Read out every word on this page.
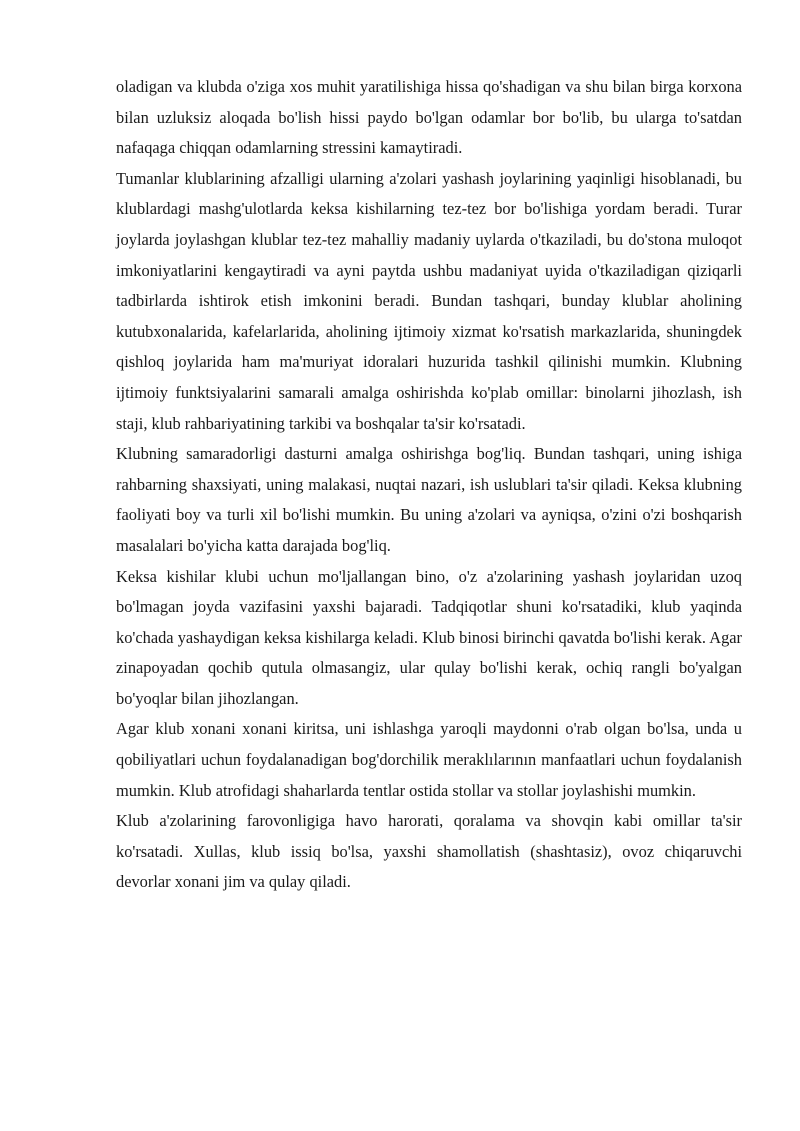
oladigan va klubda o'ziga xos muhit yaratilishiga hissa qo'shadigan va shu bilan birga korxona bilan uzluksiz aloqada bo'lish hissi paydo bo'lgan odamlar bor bo'lib, bu ularga to'satdan nafaqaga chiqqan odamlarning stressini kamaytiradi.

Tumanlar klublarining afzalligi ularning a'zolari yashash joylarining yaqinligi hisoblanadi, bu klublardagi mashg'ulotlarda keksa kishilarning tez-tez bor bo'lishiga yordam beradi. Turar joylarda joylashgan klublar tez-tez mahalliy madaniy uylarda o'tkaziladi, bu do'stona muloqot imkoniyatlarini kengaytiradi va ayni paytda ushbu madaniyat uyida o'tkaziladigan qiziqarli tadbirlarda ishtirok etish imkonini beradi. Bundan tashqari, bunday klublar aholining kutubxonalarida, kafelarlarida, aholining ijtimoiy xizmat ko'rsatish markazlarida, shuningdek qishloq joylarida ham ma'muriyat idoralari huzurida tashkil qilinishi mumkin. Klubning ijtimoiy funktsiyalarini samarali amalga oshirishda ko'plab omillar: binolarni jihozlash, ish staji, klub rahbariyatining tarkibi va boshqalar ta'sir ko'rsatadi.

Klubning samaradorligi dasturni amalga oshirishga bog'liq. Bundan tashqari, uning ishiga rahbarning shaxsiyati, uning malakasi, nuqtai nazari, ish uslublari ta'sir qiladi. Keksa klubning faoliyati boy va turli xil bo'lishi mumkin. Bu uning a'zolari va ayniqsa, o'zini o'zi boshqarish masalalari bo'yicha katta darajada bog'liq.

Keksa kishilar klubi uchun mo'ljallangan bino, o'z a'zolarining yashash joylaridan uzoq bo'lmagan joyda vazifasini yaxshi bajaradi. Tadqiqotlar shuni ko'rsatadiki, klub yaqinda ko'chada yashaydigan keksa kishilarga keladi. Klub binosi birinchi qavatda bo'lishi kerak. Agar zinapoyadan qochib qutula olmasangiz, ular qulay bo'lishi kerak, ochiq rangli bo'yalgan bo'yoqlar bilan jihozlangan.

Agar klub xonani xonani kiritsa, uni ishlashga yaroqli maydonni o'rab olgan bo'lsa, unda u qobiliyatlari uchun foydalanadigan bog'dorchilik meraklılarının manfaatlari uchun foydalanish mumkin. Klub atrofidagi shaharlarda tentlar ostida stollar va stollar joylashishi mumkin.

Klub a'zolarining farovonligiga havo harorati, qoralama va shovqin kabi omillar ta'sir ko'rsatadi. Xullas, klub issiq bo'lsa, yaxshi shamollatish (shashtasiz), ovoz chiqaruvchi devorlar xonani jim va qulay qiladi.
